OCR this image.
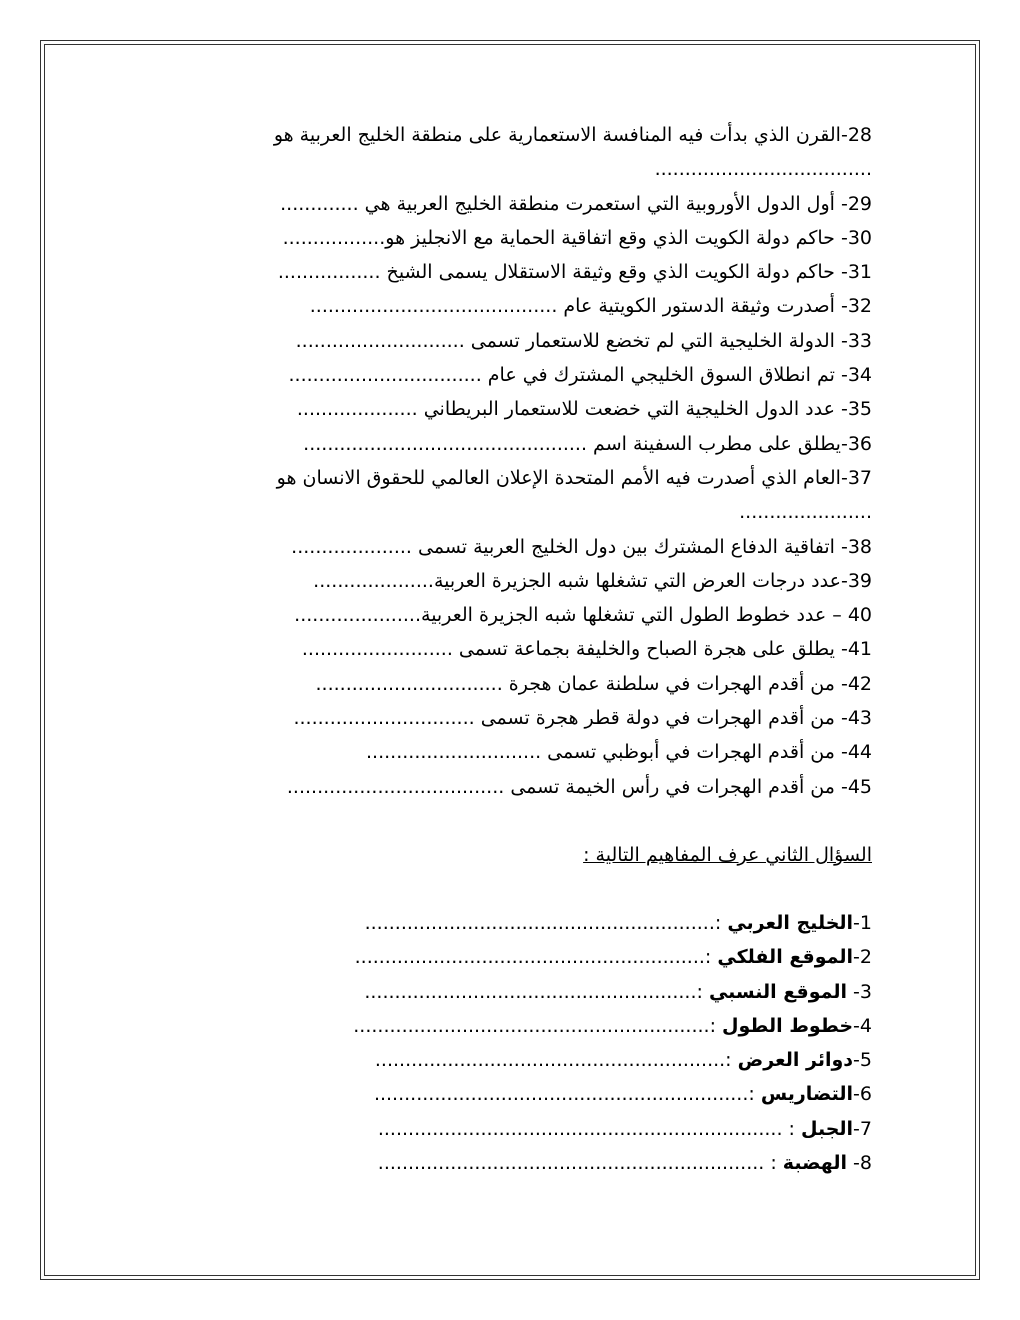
28-القرن الذي بدأت فيه المنافسة الاستعمارية على منطقة الخليج العربية هو
....................................
29- أول الدول الأوروبية التي استعمرت منطقة الخليج العربية هي .............
30- حاكم دولة الكويت الذي وقع اتفاقية الحماية مع الانجليز هو.................
31- حاكم دولة الكويت الذي وقع وثيقة الاستقلال يسمى الشيخ .................
32- أصدرت وثيقة الدستور الكويتية عام .........................................
33- الدولة الخليجية التي لم تخضع للاستعمار تسمى ............................
34- تم انطلاق السوق الخليجي المشترك في عام ................................
35- عدد الدول الخليجية التي خضعت للاستعمار البريطاني ....................
36-يطلق على مطرب السفينة اسم ...............................................
37-العام الذي أصدرت فيه الأمم المتحدة الإعلان العالمي للحقوق الانسان هو
......................
38- اتفاقية الدفاع المشترك بين دول الخليج العربية تسمى ....................
39-عدد درجات العرض التي تشغلها شبه الجزيرة العربية....................
40 – عدد خطوط الطول التي تشغلها شبه الجزيرة العربية.....................
41- يطلق على هجرة الصباح والخليفة بجماعة تسمى .........................
42- من أقدم الهجرات في سلطنة عمان هجرة ...............................
43- من أقدم الهجرات في دولة قطر هجرة تسمى ..............................
44- من أقدم الهجرات في أبوظبي تسمى .............................
45- من أقدم الهجرات في رأس الخيمة تسمى ....................................
السؤال الثاني عرف المفاهيم التالية :
1-الخليج العربي :..........................................................
2-الموقع الفلكي :..........................................................
3- الموقع النسبي :.......................................................
4-خطوط الطول :...........................................................
5-دوائر العرض :..........................................................
6-التضاريس :..............................................................
7-الجبل : ...................................................................
8- الهضبة : ................................................................
